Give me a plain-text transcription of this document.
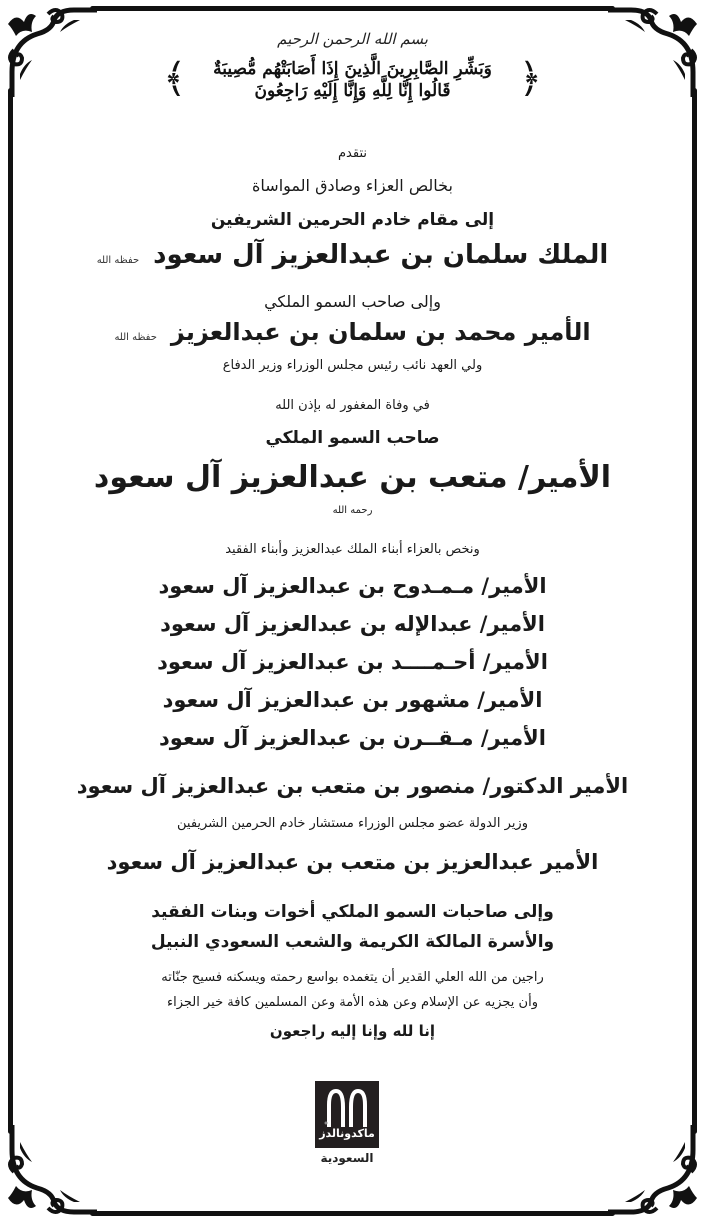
بسم الله الرحمن الرحيم
﴿
وَبَشِّرِ الصَّابِرِينَ الَّذِينَ إِذَا أَصَابَتْهُم مُّصِيبَةٌ
قَالُوا إِنَّا لِلَّهِ وَإِنَّا إِلَيْهِ رَاجِعُونَ
﴾
نتقدم
بخالص العزاء وصادق المواساة
إلى مقام خادم الحرمين الشريفين
الملك سلمان بن عبدالعزيز آل سعود
حفظه الله
وإلى صاحب السمو الملكي
الأمير محمد بن سلمان بن عبدالعزيز
حفظه الله
ولي العهد نائب رئيس مجلس الوزراء وزير الدفاع
في وفاة المغفور له بإذن الله
صاحب السمو الملكي
الأمير/ متعب بن عبدالعزيز آل سعود
رحمه الله
ونخص بالعزاء أبناء الملك عبدالعزيز وأبناء الفقيد
الأمير/ مـمـدوح بن عبدالعزيز آل سعود
الأمير/ عبدالإله بن عبدالعزيز آل سعود
الأمير/ أحـمــــد بن عبدالعزيز آل سعود
الأمير/ مشهور بن عبدالعزيز آل سعود
الأمير/ مـقــرن بن عبدالعزيز آل سعود
الأمير الدكتور/ منصور بن متعب بن عبدالعزيز آل سعود
وزير الدولة عضو مجلس الوزراء مستشار خادم الحرمين الشريفين
الأمير عبدالعزيز بن متعب بن عبدالعزيز آل سعود
وإلى صاحبات السمو الملكي أخوات وبنات الفقيد
والأسرة المالكة الكريمة والشعب السعودي النبيل
راجين من الله العلي القدير أن يتغمده بواسع رحمته ويسكنه فسيح جنّاته
وأن يجزيه عن الإسلام وعن هذه الأمة وعن المسلمين كافة خير الجزاء
إنا لله وإنا إليه راجعون
ماكدونالدز
السعودية
